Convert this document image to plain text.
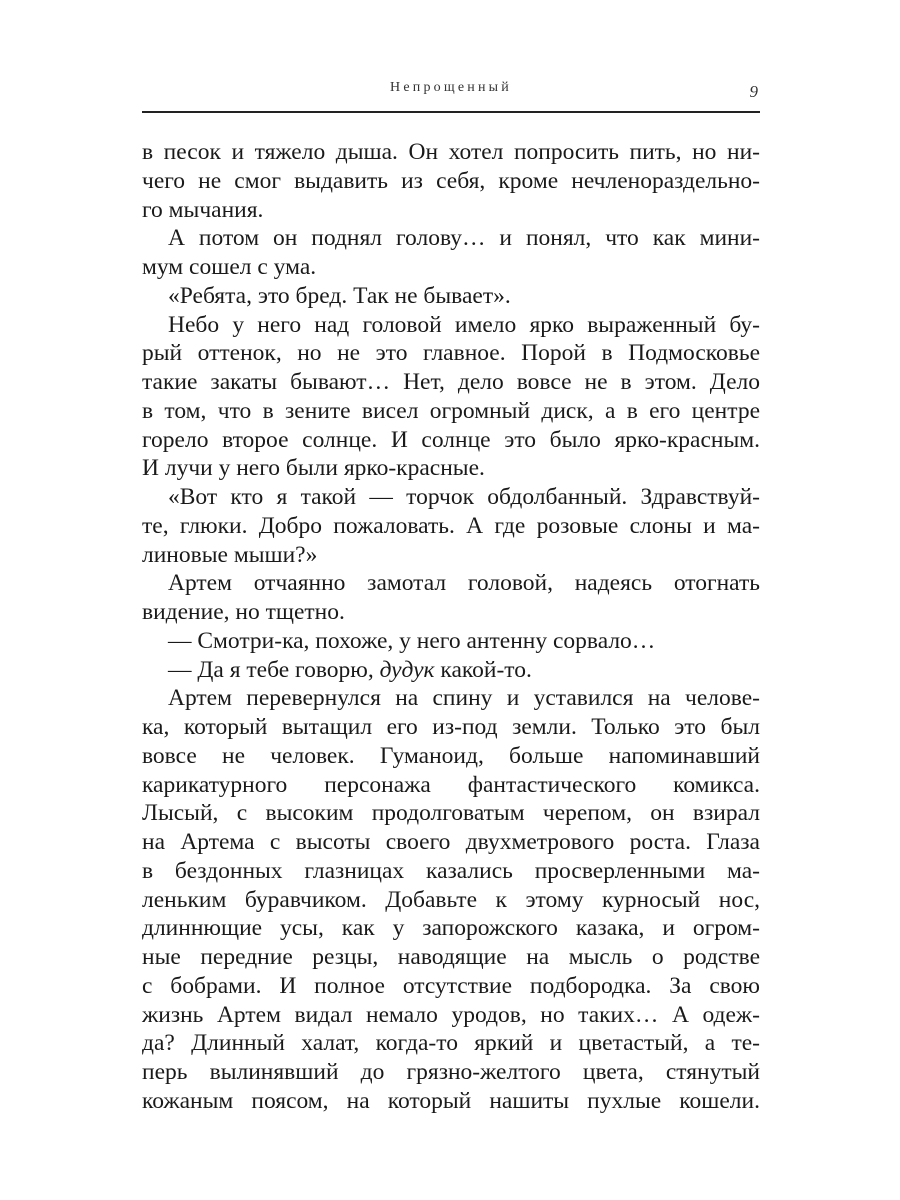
Непрощенный	9
в песок и тяжело дыша. Он хотел попросить пить, но ни-
чего не смог выдавить из себя, кроме нечленораздельно-
го мычания.
А потом он поднял голову… и понял, что как мини-
мум сошел с ума.
«Ребята, это бред. Так не бывает».
Небо у него над головой имело ярко выраженный бу-
рый оттенок, но не это главное. Порой в Подмосковье
такие закаты бывают… Нет, дело вовсе не в этом. Дело
в том, что в зените висел огромный диск, а в его центре
горело второе солнце. И солнце это было ярко-красным.
И лучи у него были ярко-красные.
«Вот кто я такой — торчок обдолбанный. Здравствуй-
те, глюки. Добро пожаловать. А где розовые слоны и ма-
линовые мыши?»
Артем отчаянно замотал головой, надеясь отогнать
видение, но тщетно.
— Смотри-ка, похоже, у него антенну сорвало…
— Да я тебе говорю, дудук какой-то.
Артем перевернулся на спину и уставился на челове-
ка, который вытащил его из-под земли. Только это был
вовсе не человек. Гуманоид, больше напоминавший
карикатурного персонажа фантастического комикса.
Лысый, с высоким продолговатым черепом, он взирал
на Артема с высоты своего двухметрового роста. Глаза
в бездонных глазницах казались просверленными ма-
леньким буравчиком. Добавьте к этому курносый нос,
длиннющие усы, как у запорожского казака, и огром-
ные передние резцы, наводящие на мысль о родстве
с бобрами. И полное отсутствие подбородка. За свою
жизнь Артем видал немало уродов, но таких… А одеж-
да? Длинный халат, когда-то яркий и цветастый, а те-
перь вылинявший до грязно-желтого цвета, стянутый
кожаным поясом, на который нашиты пухлые кошели.
